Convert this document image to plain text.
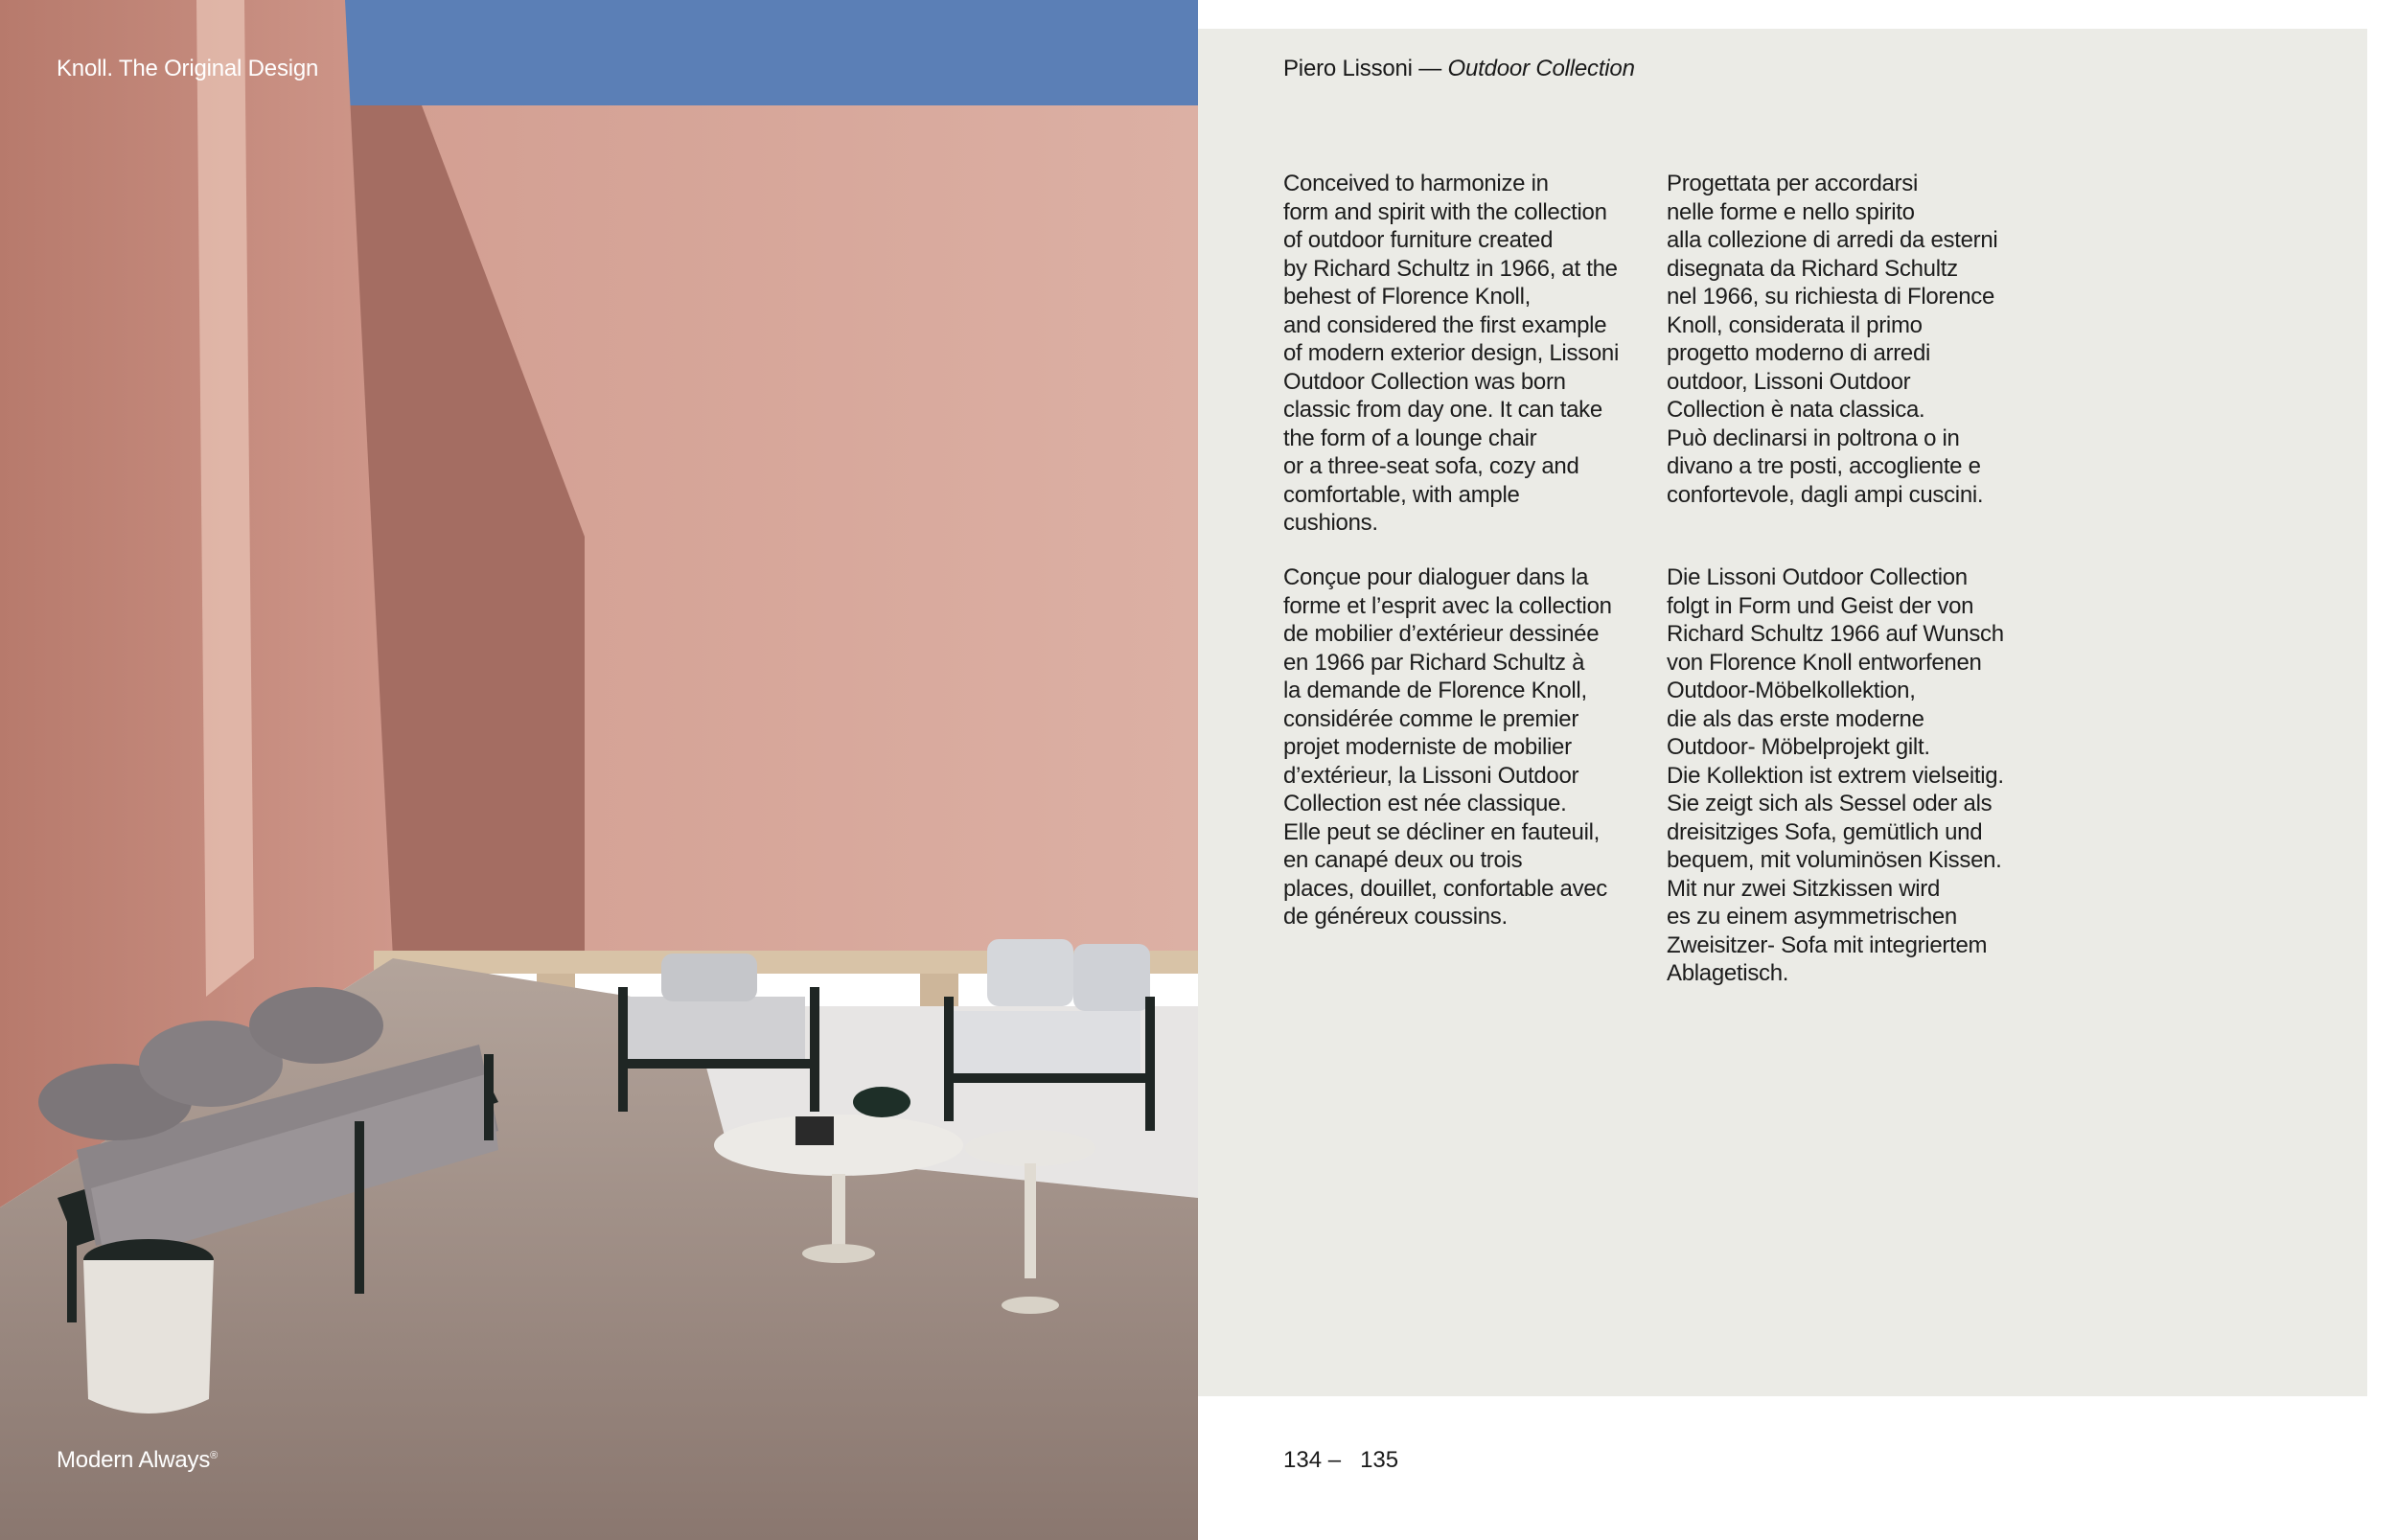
Knoll. The Original Design
Modern Always®
Piero Lissoni — Outdoor Collection

Conceived to harmonize in
form and spirit with the collection
of outdoor furniture created
by Richard Schultz in 1966, at the
behest of Florence Knoll,
and considered the first example
of modern exterior design, Lissoni
Outdoor Collection was born
classic from day one. It can take
the form of a lounge chair
or a three-seat sofa, cozy and
comfortable, with ample
cushions.

Progettata per accordarsi
nelle forme e nello spirito
alla collezione di arredi da esterni
disegnata da Richard Schultz
nel 1966, su richiesta di Florence
Knoll, considerata il primo
progetto moderno di arredi
outdoor, Lissoni Outdoor
Collection è nata classica.
Può declinarsi in poltrona o in
divano a tre posti, accogliente e
confortevole, dagli ampi cuscini.

Conçue pour dialoguer dans la
forme et l’esprit avec la collection
de mobilier d’extérieur dessinée
en 1966 par Richard Schultz à
la demande de Florence Knoll,
considérée comme le premier
projet moderniste de mobilier
d’extérieur, la Lissoni Outdoor
Collection est née classique.
Elle peut se décliner en fauteuil,
en canapé deux ou trois
places, douillet, confortable avec
de généreux coussins.

Die Lissoni Outdoor Collection
folgt in Form und Geist der von
Richard Schultz 1966 auf Wunsch
von Florence Knoll entworfenen
Outdoor-Möbelkollektion,
die als das erste moderne
Outdoor- Möbelprojekt gilt.
Die Kollektion ist extrem vielseitig.
Sie zeigt sich als Sessel oder als
dreisitziges Sofa, gemütlich und
bequem, mit voluminösen Kissen.
Mit nur zwei Sitzkissen wird
es zu einem asymmetrischen
Zweisitzer- Sofa mit integriertem
Ablagetisch.

134 – 135
